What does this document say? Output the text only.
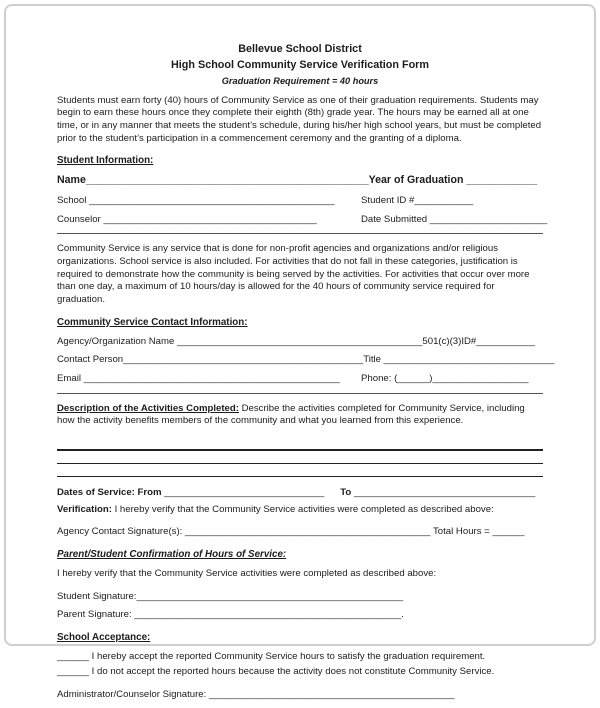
Bellevue School District
High School Community Service Verification Form
Graduation Requirement = 40 hours

Students must earn forty (40) hours of Community Service as one of their graduation requirements. Students may begin to earn these hours once they complete their eighth (8th) grade year. The hours may be earned all at one time, or in any manner that meets the student’s schedule, during his/her high school years, but must be completed prior to the student’s participation in a commencement ceremony and the granting of a diploma.

Student Information:
Name________________________________________________ Year of Graduation ____________
School ______________________________________________	Student ID #___________
Counselor ________________________________________	Date Submitted ______________________

Community Service is any service that is done for non-profit agencies and organizations and/or religious organizations. School service is also included. For activities that do not fall in these categories, justification is required to demonstrate how the community is being served by the activities. For activities that occur over more than one day, a maximum of 10 hours/day is allowed for the 40 hours of community service required for graduation.

Community Service Contact Information:
Agency/Organization Name ______________________________________________ 501(c)(3)ID#___________
Contact Person_____________________________________________ Title ________________________________
Email ________________________________________________ Phone: (______)__________________

Description of the Activities Completed: Describe the activities completed for Community Service, including how the activity benefits members of the community and what you learned from this experience.

Dates of Service: From ______________________________ To __________________________________

Verification: I hereby verify that the Community Service activities were completed as described above:

Agency Contact Signature(s): ______________________________________________ Total Hours = ______
Parent/Student Confirmation of Hours of Service:

I hereby verify that the Community Service activities were completed as described above:

Student Signature:__________________________________________________
Parent Signature: __________________________________________________.
School Acceptance:
______ I hereby accept the reported Community Service hours to satisfy the graduation requirement.
______ I do not accept the reported hours because the activity does not constitute Community Service.
Administrator/Counselor Signature: ______________________________________________
